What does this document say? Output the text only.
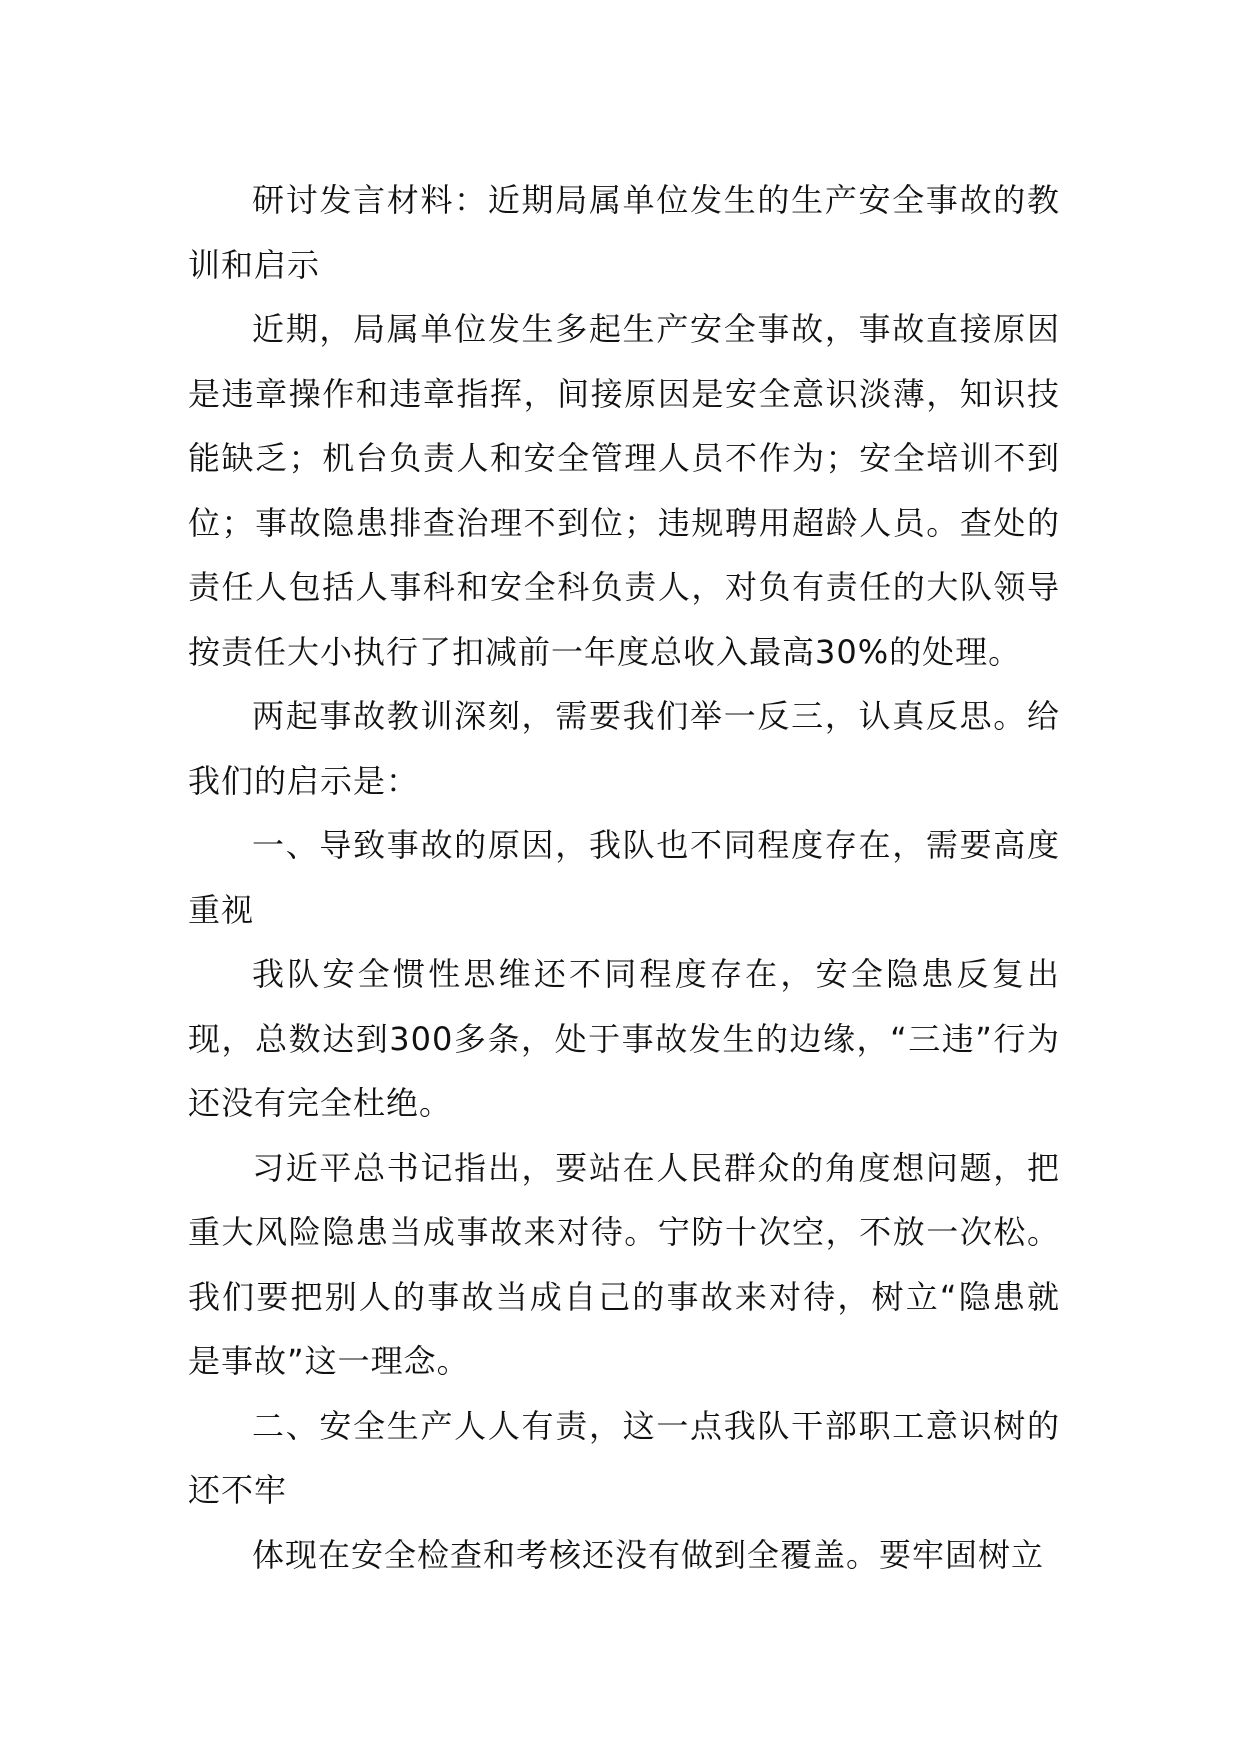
研讨发言材料：近期局属单位发生的生产安全事故的教训和启示

近期，局属单位发生多起生产安全事故，事故直接原因是违章操作和违章指挥，间接原因是安全意识淡薄，知识技能缺乏；机台负责人和安全管理人员不作为；安全培训不到位；事故隐患排查治理不到位；违规聘用超龄人员。查处的责任人包括人事科和安全科负责人，对负有责任的大队领导按责任大小执行了扣减前一年度总收入最高30%的处理。

两起事故教训深刻，需要我们举一反三，认真反思。给我们的启示是：

一、导致事故的原因，我队也不同程度存在，需要高度重视

我队安全惯性思维还不同程度存在，安全隐患反复出现，总数达到300多条，处于事故发生的边缘，“三违”行为还没有完全杜绝。

习近平总书记指出，要站在人民群众的角度想问题，把重大风险隐患当成事故来对待。宁防十次空，不放一次松。我们要把别人的事故当成自己的事故来对待，树立“隐患就是事故”这一理念。

二、安全生产人人有责，这一点我队干部职工意识树的还不牢

体现在安全检查和考核还没有做到全覆盖。要牢固树立
